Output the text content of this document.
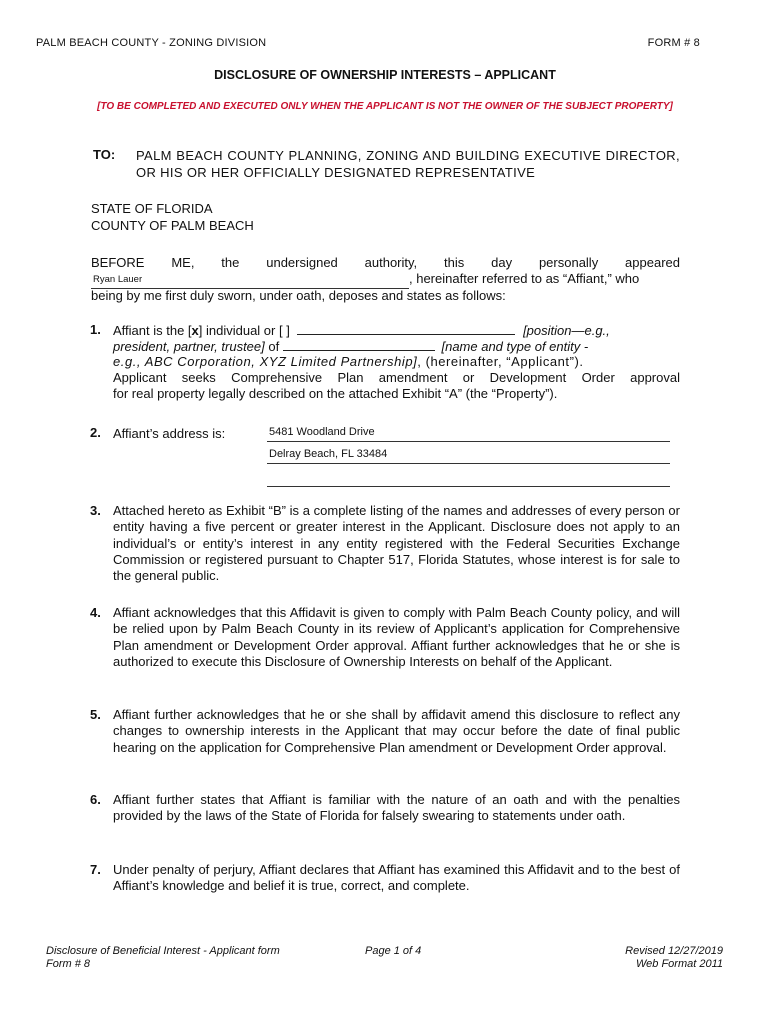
PALM BEACH COUNTY - ZONING DIVISION	FORM # 8
DISCLOSURE OF OWNERSHIP INTERESTS – APPLICANT
[TO BE COMPLETED AND EXECUTED ONLY WHEN THE APPLICANT IS NOT THE OWNER OF THE SUBJECT PROPERTY]
TO: PALM BEACH COUNTY PLANNING, ZONING AND BUILDING EXECUTIVE DIRECTOR, OR HIS OR HER OFFICIALLY DESIGNATED REPRESENTATIVE
STATE OF FLORIDA
COUNTY OF PALM BEACH
BEFORE ME, the undersigned authority, this day personally appeared
Ryan Lauer	, hereinafter referred to as “Affiant,” who
being by me first duly sworn, under oath, deposes and states as follows:
1. Affiant is the [x] individual or [ ]	[position—e.g.,
president, partner, trustee] of	[name and type of entity -
e.g., ABC Corporation, XYZ Limited Partnership], (hereinafter, “Applicant”).
Applicant seeks Comprehensive Plan amendment or Development Order approval
for real property legally described on the attached Exhibit “A” (the “Property”).
2. Affiant’s address is:	5481 Woodland Drive
Delray Beach, FL 33484
3. Attached hereto as Exhibit “B” is a complete listing of the names and addresses of every person or entity having a five percent or greater interest in the Applicant. Disclosure does not apply to an individual’s or entity’s interest in any entity registered with the Federal Securities Exchange Commission or registered pursuant to Chapter 517, Florida Statutes, whose interest is for sale to the general public.
4. Affiant acknowledges that this Affidavit is given to comply with Palm Beach County policy, and will be relied upon by Palm Beach County in its review of Applicant’s application for Comprehensive Plan amendment or Development Order approval. Affiant further acknowledges that he or she is authorized to execute this Disclosure of Ownership Interests on behalf of the Applicant.
5. Affiant further acknowledges that he or she shall by affidavit amend this disclosure to reflect any changes to ownership interests in the Applicant that may occur before the date of final public hearing on the application for Comprehensive Plan amendment or Development Order approval.
6. Affiant further states that Affiant is familiar with the nature of an oath and with the penalties provided by the laws of the State of Florida for falsely swearing to statements under oath.
7. Under penalty of perjury, Affiant declares that Affiant has examined this Affidavit and to the best of Affiant’s knowledge and belief it is true, correct, and complete.
Disclosure of Beneficial Interest - Applicant form
Form # 8
Page 1 of 4	Revised 12/27/2019
Web Format 2011
